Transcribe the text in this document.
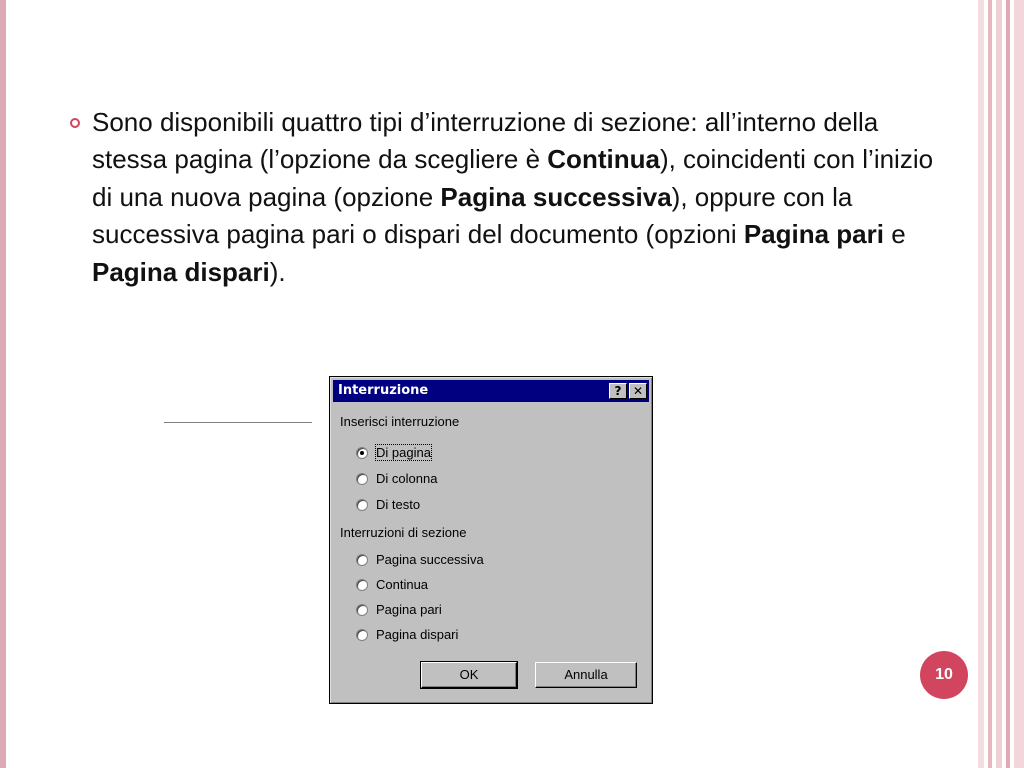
Sono disponibili quattro tipi d’interruzione di sezione: all’interno della stessa pagina (l’opzione da scegliere è Continua), coincidenti con l’inizio di una nuova pagina (opzione Pagina successiva), oppure con la successiva pagina pari o dispari del documento (opzioni Pagina pari e Pagina dispari).
Interruzione	? ✕
Inserisci interruzione
Di pagina
Di colonna
Di testo
Interruzioni di sezione
Pagina successiva
Continua
Pagina pari
Pagina dispari
OK	Annulla	10
